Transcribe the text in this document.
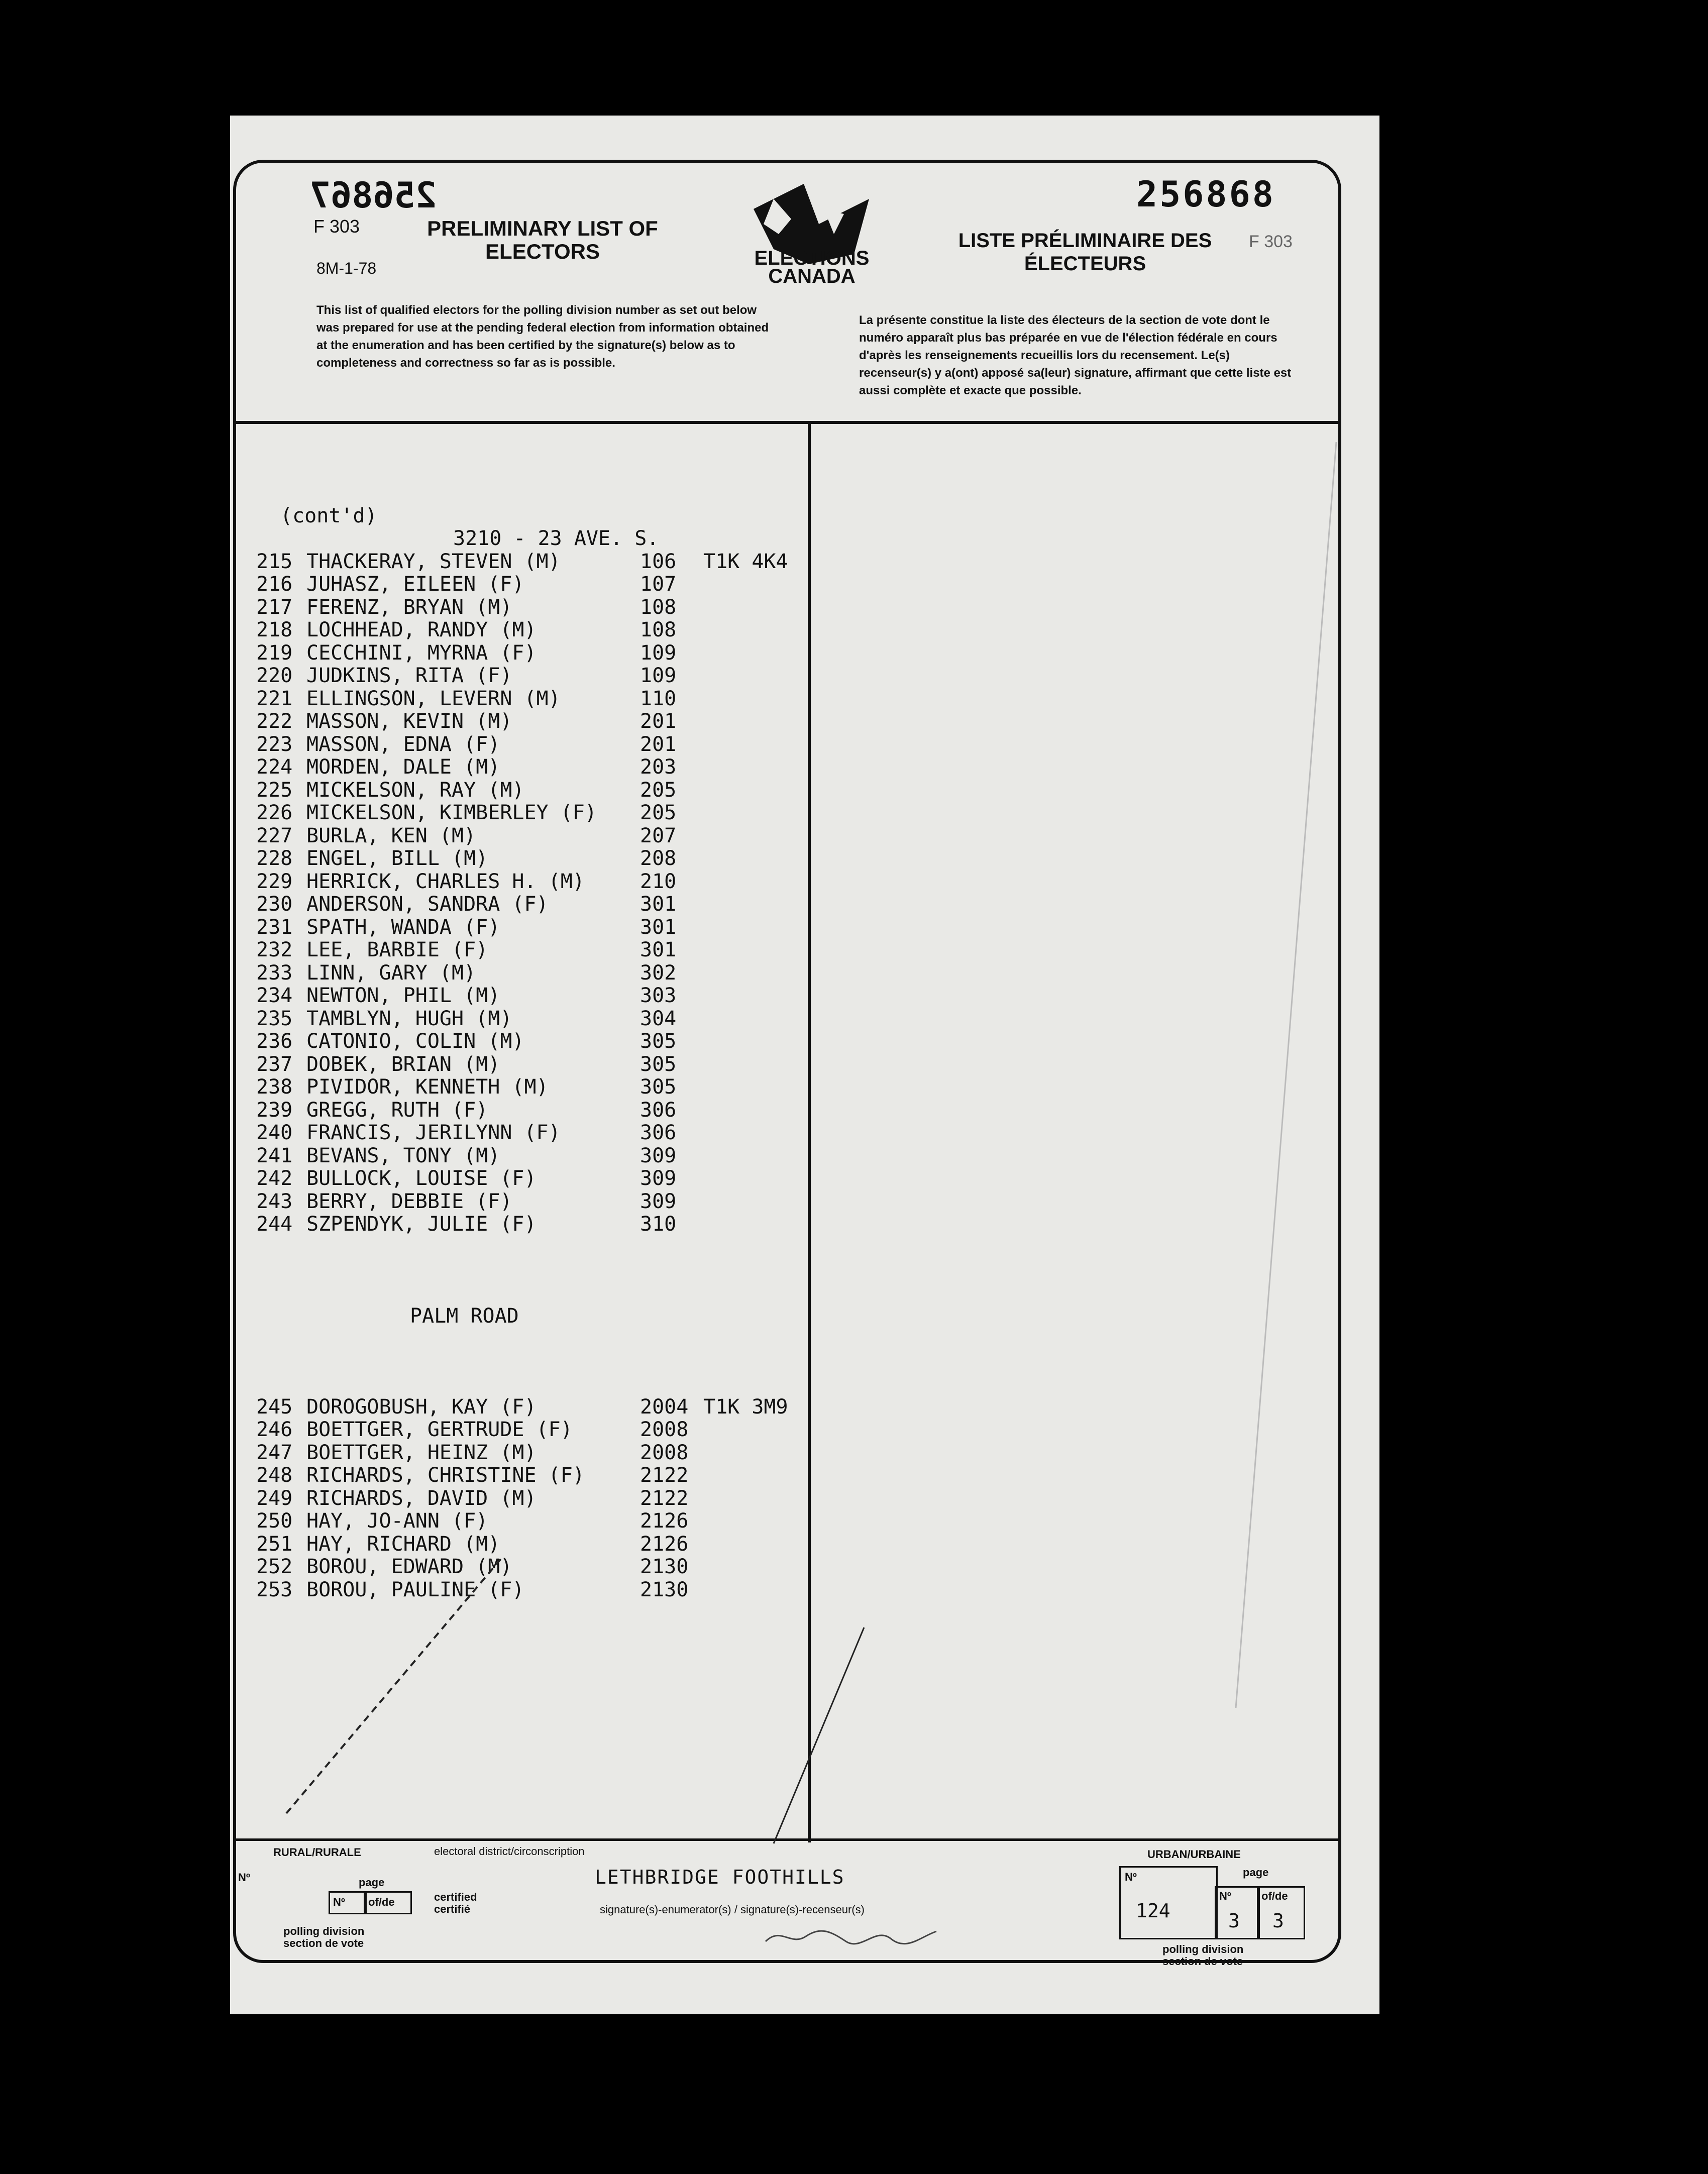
256867	256868
F 303
F 303
8M-1-78
PRELIMINARY LIST OF ELECTORS	LISTE PRÉLIMINAIRE DES ÉLECTEURS
ELECTIONS CANADA
This list of qualified electors for the polling division number as set out below was prepared for use at the pending federal election from information obtained at the enumeration and has been certified by the signature(s) below as to completeness and correctness so far as is possible.
La présente constitue la liste des électeurs de la section de vote dont le numéro apparaît plus bas préparée en vue de l'élection fédérale en cours d'après les renseignements recueillis lors du recensement. Le(s) recenseur(s) y a(ont) apposé sa(leur) signature, affirmant que cette liste est aussi complète et exacte que possible.

(cont'd)

3210 - 23 AVE. S.

215 THACKERAY, STEVEN (M)	106 T1K 4K4
216 JUHASZ, EILEEN (F)	107
217 FERENZ, BRYAN (M)	108
218 LOCHHEAD, RANDY (M)	108
219 CECCHINI, MYRNA (F)	109
220 JUDKINS, RITA (F)	109
221 ELLINGSON, LEVERN (M)	110
222 MASSON, KEVIN (M)	201
223 MASSON, EDNA (F)	201
224 MORDEN, DALE (M)	203
225 MICKELSON, RAY (M)	205
226 MICKELSON, KIMBERLEY (F) 205
227 BURLA, KEN (M)	207
228 ENGEL, BILL (M)	208
229 HERRICK, CHARLES H. (M)	210
230 ANDERSON, SANDRA (F)	301
231 SPATH, WANDA (F)	301
232 LEE, BARBIE (F)	301
233 LINN, GARY (M)	302
234 NEWTON, PHIL (M)	303
235 TAMBLYN, HUGH (M)	304
236 CATONIO, COLIN (M)	305
237 DOBEK, BRIAN (M)	305
238 PIVIDOR, KENNETH (M)	305
239 GREGG, RUTH (F)	306
240 FRANCIS, JERILYNN (F)	306
241 BEVANS, TONY (M)	309
242 BULLOCK, LOUISE (F)	309
243 BERRY, DEBBIE (F)	309
244 SZPENDYK, JULIE (F)	310

PALM ROAD

245 DOROGOBUSH, KAY (F)	2004 T1K 3M9
246 BOETTGER, GERTRUDE (F)	2008
247 BOETTGER, HEINZ (M)	2008
248 RICHARDS, CHRISTINE (F)	2122
249 RICHARDS, DAVID (M)	2122
250 HAY, JO-ANN (F)	2126
251 HAY, RICHARD (M)	2126
252 BOROU, EDWARD (M)	2130
253 BOROU, PAULINE (F)	2130

RURAL/RURALE
Nº	page
Nº of/de
polling division
section de vote
certified
certifié
electoral district/circonscription
LETHBRIDGE FOOTHILLS
signature(s)-enumerator(s) / signature(s)-recenseur(s)
URBAN/URBAINE
Nº
124
page
Nº
3
of/de
3
polling division
section de vote
